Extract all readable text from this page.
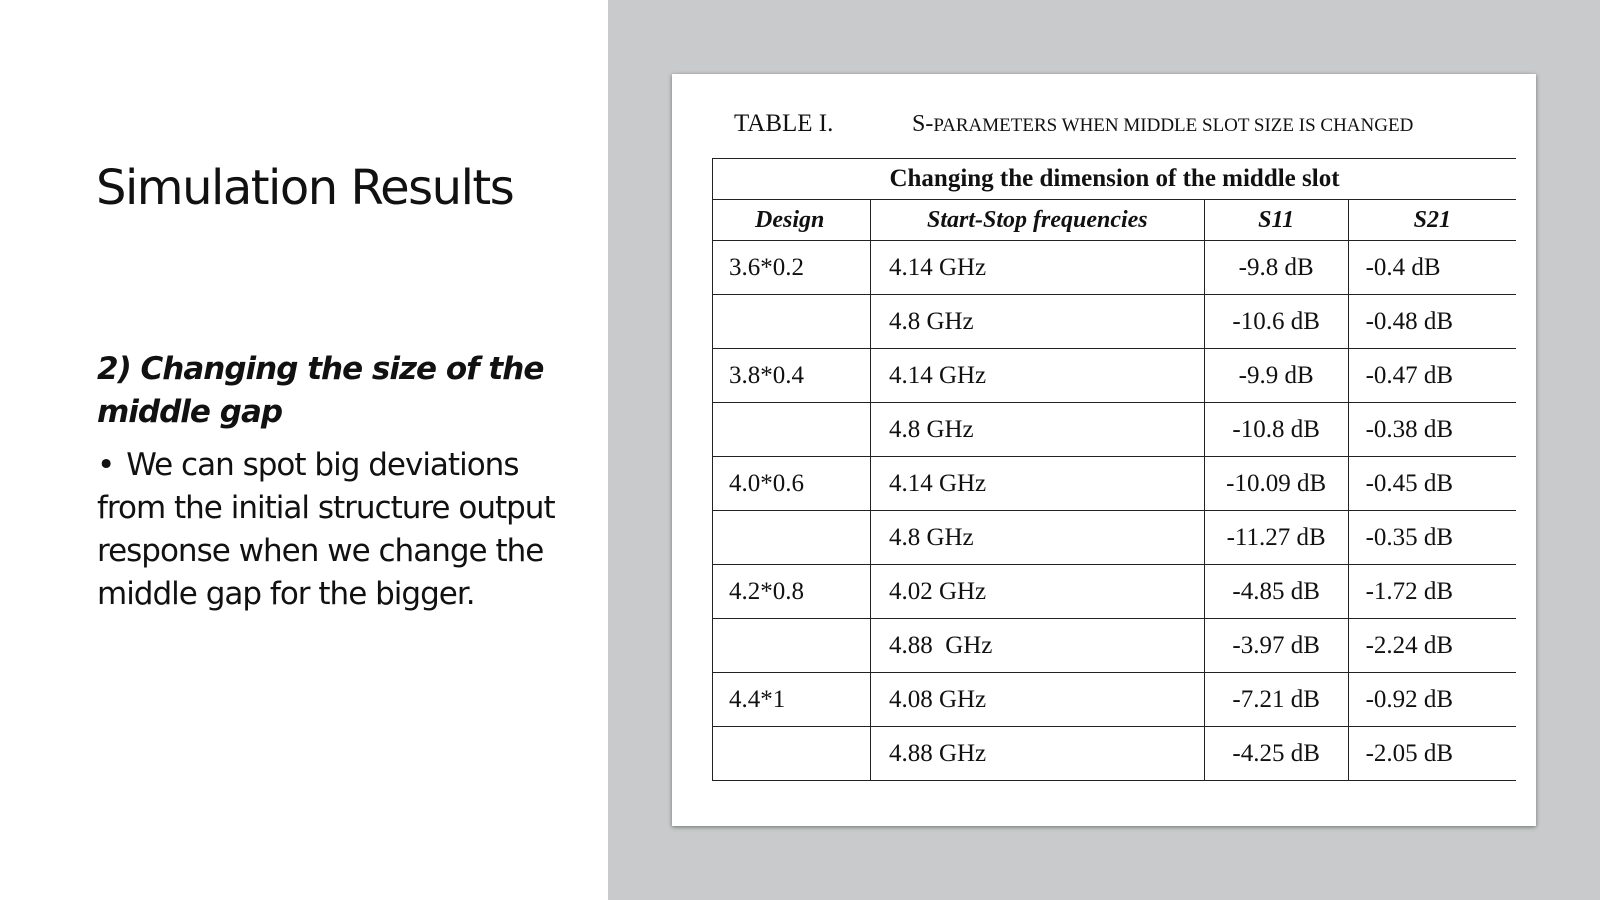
Simulation Results
2) Changing the size of the middle gap
• We can spot big deviations from the initial structure output response when we change the middle gap for the bigger.
TABLE I.	S-PARAMETERS WHEN MIDDLE SLOT SIZE IS CHANGED
Changing the dimension of the middle slot			
Design	Start-Stop frequencies	S11	S21
3.6*0.2	4.14 GHz	-9.8 dB	-0.4 dB
	4.8 GHz	-10.6 dB	-0.48 dB
3.8*0.4	4.14 GHz	-9.9 dB	-0.47 dB
	4.8 GHz	-10.8 dB	-0.38 dB
4.0*0.6	4.14 GHz	-10.09 dB	-0.45 dB
	4.8 GHz	-11.27 dB	-0.35 dB
4.2*0.8	4.02 GHz	-4.85 dB	-1.72 dB
	4.88  GHz	-3.97 dB	-2.24 dB
4.4*1	4.08 GHz	-7.21 dB	-0.92 dB
	4.88 GHz	-4.25 dB	-2.05 dB
